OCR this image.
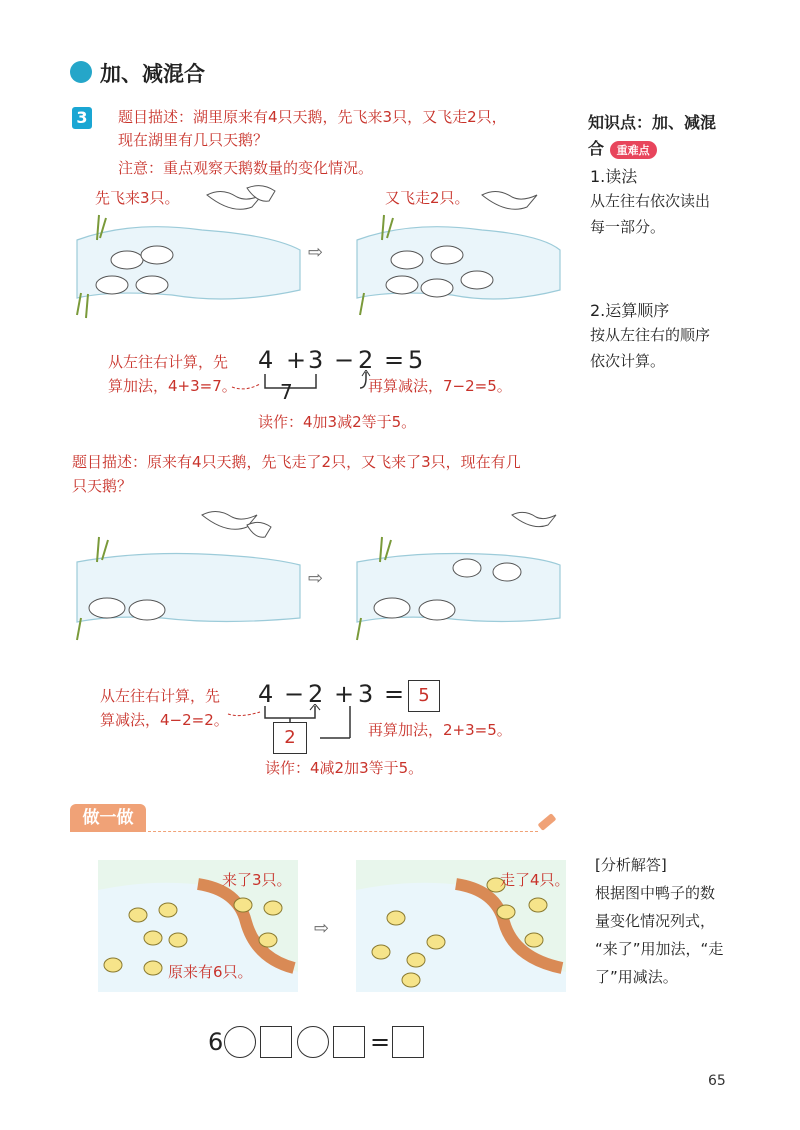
加、减混合
3 题目描述：湖里原来有4只天鹅，先飞来3只，又飞走2只，
现在湖里有几只天鹅？
注意：重点观察天鹅数量的变化情况。
先飞来3只。
⇨
又飞走2只。
从左往右计算，先
算加法，4+3=7。
4 + 3 − 2 = 5
7	再算减法，7−2=5。
读作：4加3减2等于5。
题目描述：原来有4只天鹅，先飞走了2只，又飞来了3只，现在有几
只天鹅？
⇨
从左往右计算，先
算减法，4−2=2。
4 − 2 + 3 = 5
2	再算加法，2+3=5。
读作：4减2加3等于5。
知识点：加、减混
合 重难点
1.读法
从左往右依次读出
每一部分。
2.运算顺序
按从左往右的顺序
依次计算。
做一做
来了3只。
原来有6只。
⇨
走了4只。
[分析解答]
根据图中鸭子的数
量变化情况列式，
“来了”用加法，“走
了”用减法。
6	=
65
